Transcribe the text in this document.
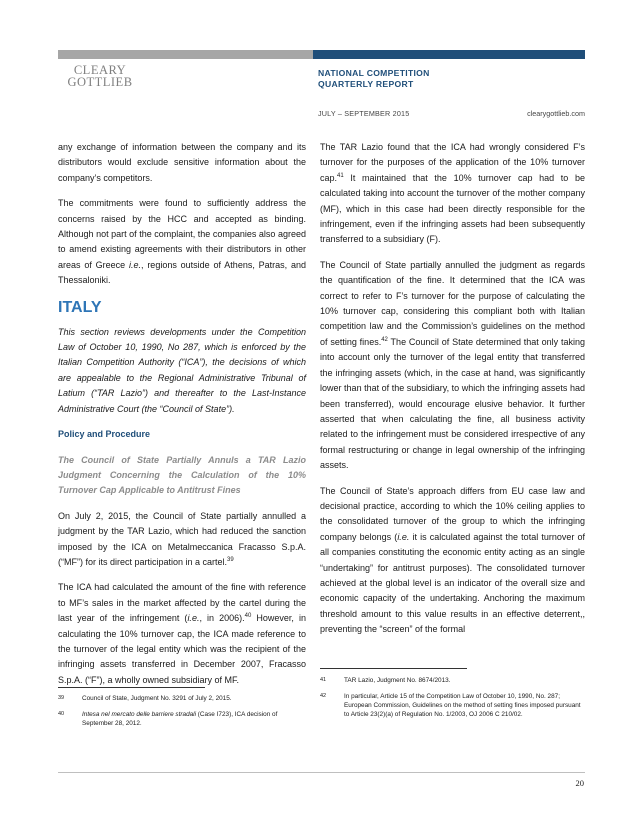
CLEARY
GOTTLIEB
NATIONAL COMPETITION
QUARTERLY REPORT
JULY – SEPTEMBER 2015	clearygottlieb.com

any exchange of information between the company and its distributors would exclude sensitive information about the company’s competitors.

The commitments were found to sufficiently address the concerns raised by the HCC and accepted as binding. Although not part of the complaint, the companies also agreed to amend existing agreements with their distributors in other areas of Greece i.e., regions outside of Athens, Patras, and Thessaloniki.

ITALY

This section reviews developments under the Competition Law of October 10, 1990, No 287, which is enforced by the Italian Competition Authority (“ICA”), the decisions of which are appealable to the Regional Administrative Tribunal of Latium (“TAR Lazio”) and thereafter to the Last-Instance Administrative Court (the “Council of State”).

Policy and Procedure

The Council of State Partially Annuls a TAR Lazio Judgment Concerning the Calculation of the 10% Turnover Cap Applicable to Antitrust Fines

On July 2, 2015, the Council of State partially annulled a judgment by the TAR Lazio, which had reduced the sanction imposed by the ICA on Metalmeccanica Fracasso S.p.A. (“MF”) for its direct participation in a cartel.$^{39}$

The ICA had calculated the amount of the fine with reference to MF’s sales in the market affected by the cartel during the last year of the infringement (i.e., in 2006).$^{40}$ However, in calculating the 10% turnover cap, the ICA made reference to the turnover of the legal entity which was the recipient of the infringing assets transferred in December 2007, Fracasso S.p.A. (“F”), a wholly owned subsidiary of MF.

The TAR Lazio found that the ICA had wrongly considered F’s turnover for the purposes of the application of the 10% turnover cap.$^{41}$ It maintained that the 10% turnover cap had to be calculated taking into account the turnover of the mother company (MF), which in this case had been directly responsible for the infringement, even if the infringing assets had been subsequently transferred to a subsidiary (F).

The Council of State partially annulled the judgment as regards the quantification of the fine. It determined that the ICA was correct to refer to F’s turnover for the purpose of calculating the 10% turnover cap, considering this compliant both with Italian competition law and the Commission’s guidelines on the method of setting fines.$^{42}$ The Council of State determined that only taking into account only the turnover of the legal entity that transferred the infringing assets (which, in the case at hand, was significantly lower than that of the subsidiary, to which the infringing assets had been transferred), would encourage elusive behavior. It further asserted that when calculating the fine, all business activity related to the infringement must be considered irrespective of any formal restructuring or change in legal ownership of the infringing assets.

The Council of State’s approach differs from EU case law and decisional practice, according to which the 10% ceiling applies to the consolidated turnover of the group to which the infringing company belongs (i.e. it is calculated against the total turnover of all companies constituting the economic entity acting as an single “undertaking” for antitrust purposes). The consolidated turnover achieved at the global level is an indicator of the overall size and economic capacity of the undertaking. Anchoring the maximum threshold amount to this value results in an effective deterrent,, preventing the “screen” of the formal

39	Council of State, Judgment No. 3291 of July 2, 2015.
40	Intesa nel mercato delle barriere stradali (Case I723), ICA decision of September 28, 2012.
41	TAR Lazio, Judgment No. 8674/2013.
42	In particular, Article 15 of the Competition Law of October 10, 1990, No. 287; European Commission, Guidelines on the method of setting fines imposed pursuant to Article 23(2)(a) of Regulation No. 1/2003, OJ 2006 C 210/02.
20
